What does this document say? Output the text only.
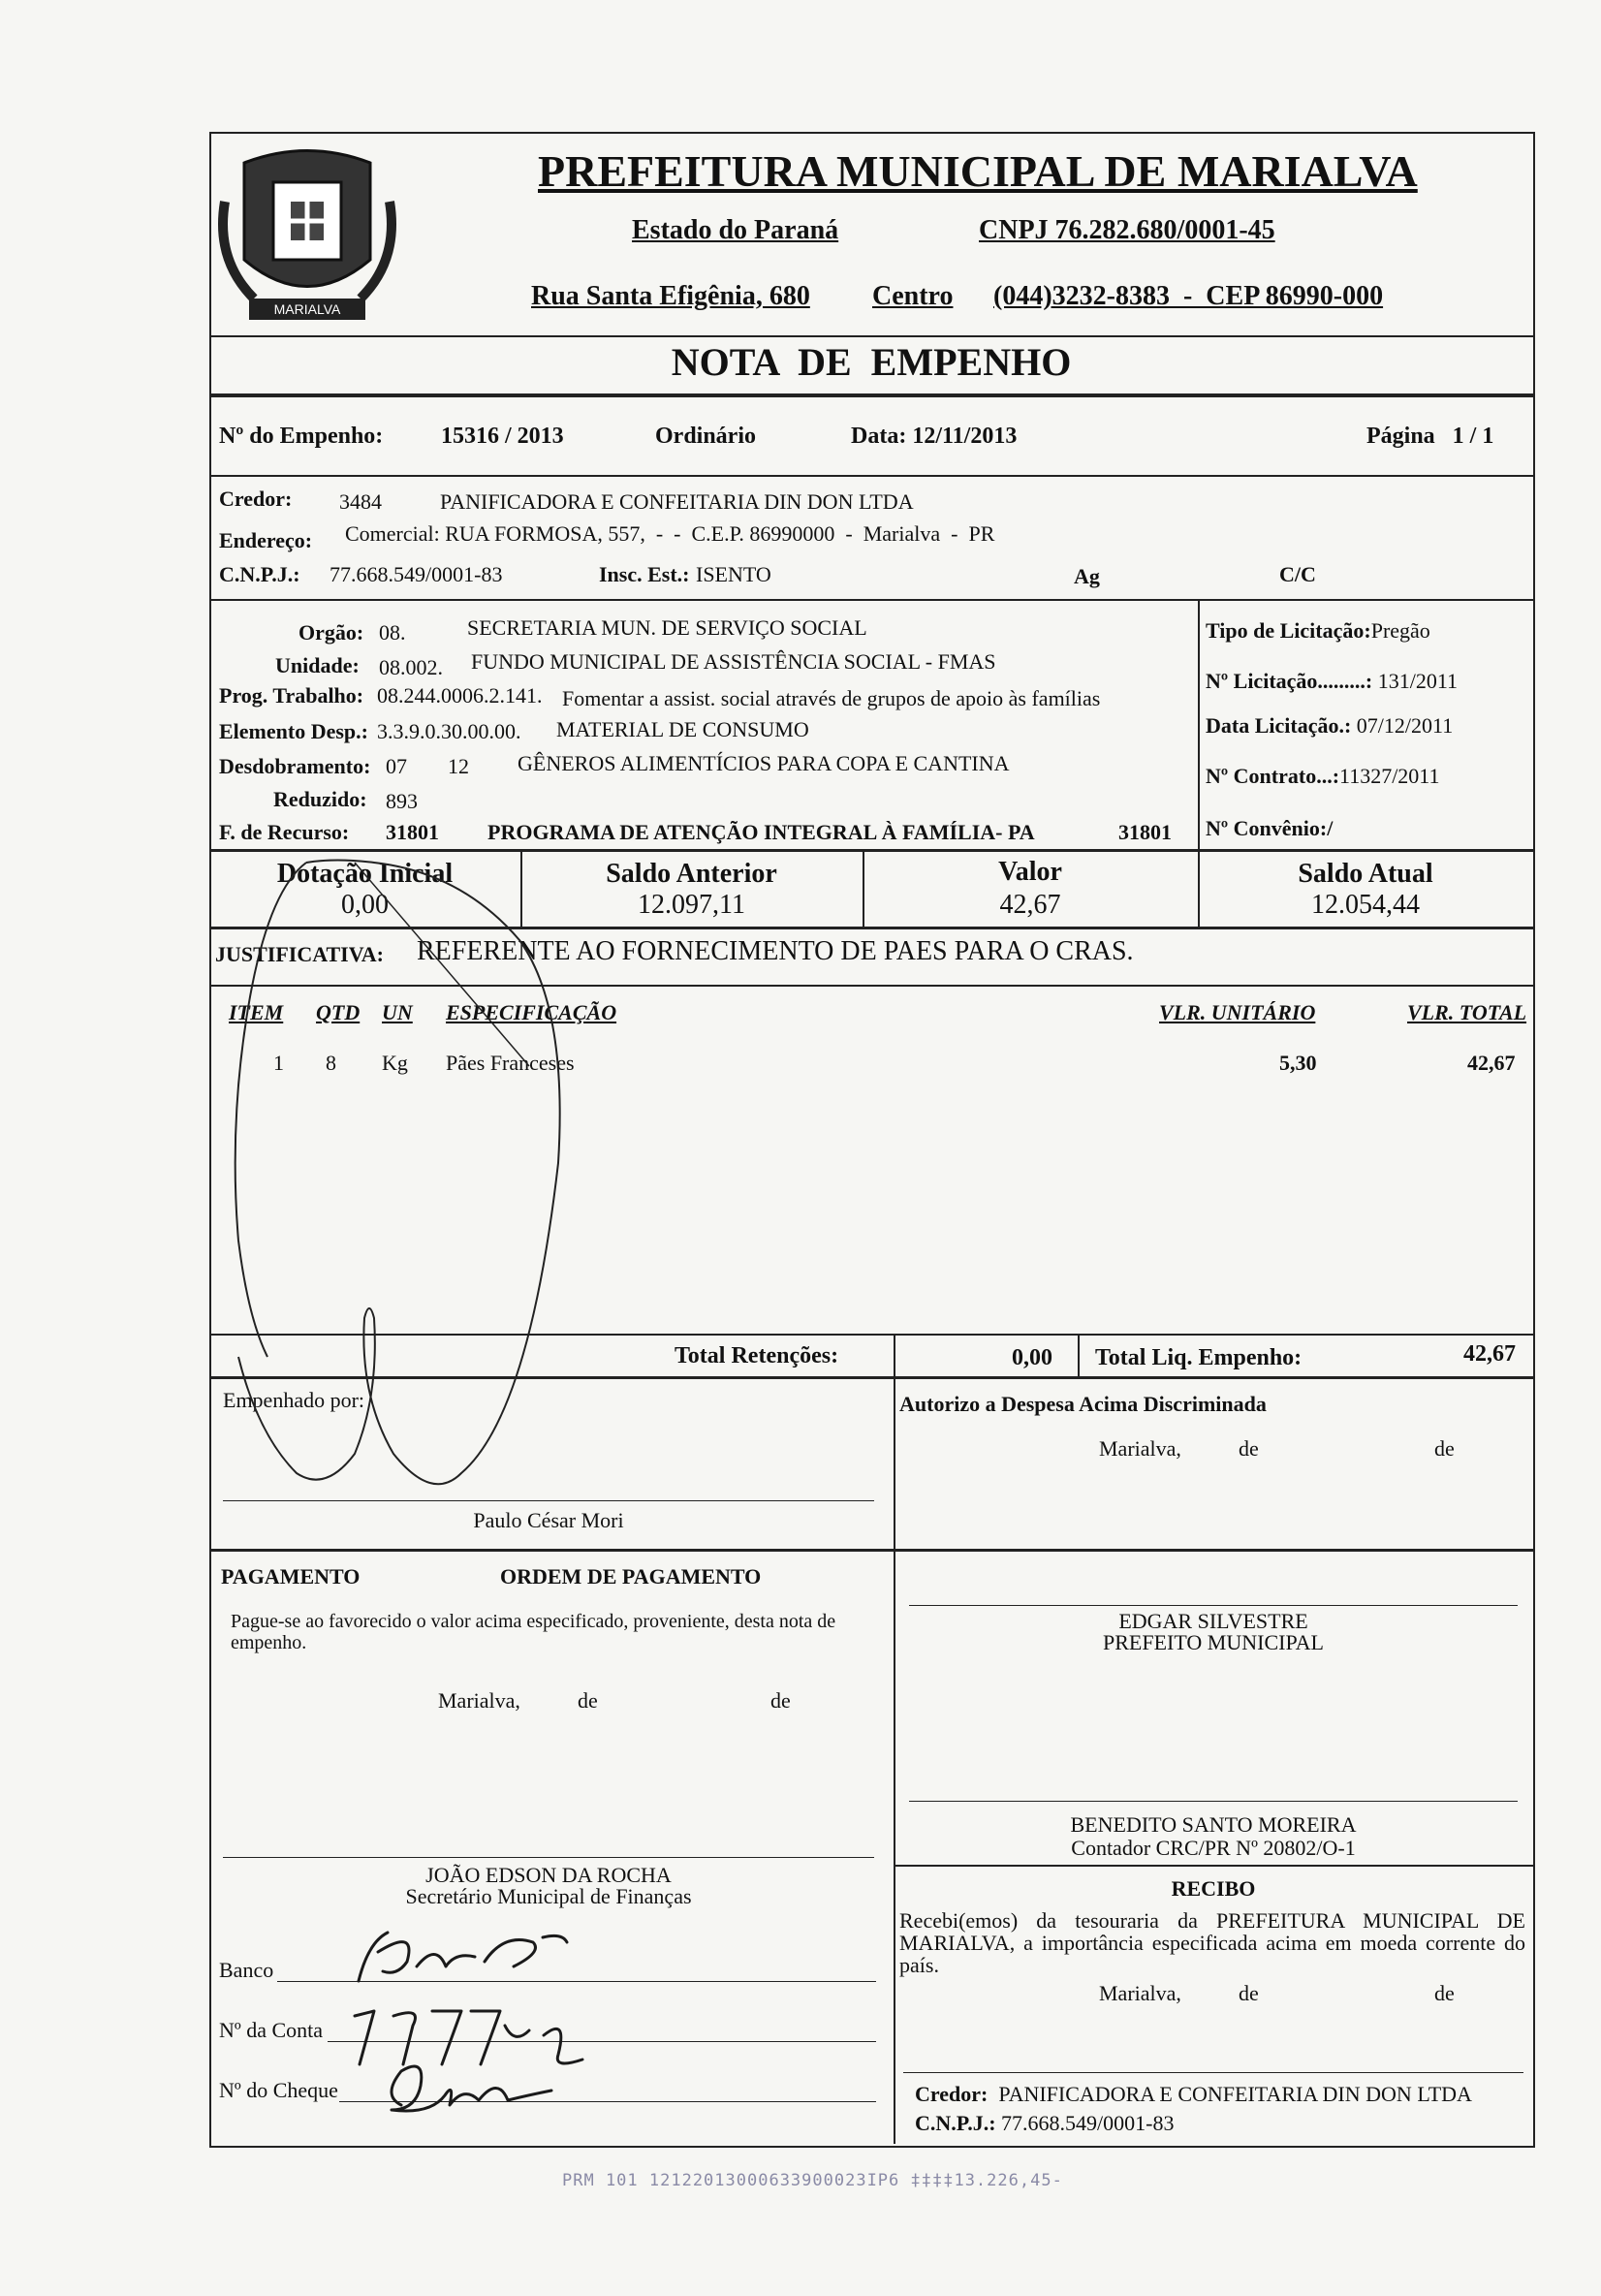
MARIALVA
PREFEITURA MUNICIPAL DE MARIALVA
Estado do Paraná	CNPJ 76.282.680/0001-45
Rua Santa Efigênia, 680 Centro (044)3232-8383  -  CEP 86990-000
NOTA  DE  EMPENHO
Nº do Empenho: 15316 / 2013	Ordinário	Data: 12/11/2013	Página   1 / 1
Credor: 3484	PANIFICADORA E CONFEITARIA DIN DON LTDA
Endereço: Comercial: RUA FORMOSA, 557,  -  -  C.E.P. 86990000  -  Marialva  -  PR
C.N.P.J.: 77.668.549/0001-83	Insc. Est.: ISENTO	Ag	C/C
Orgão: 08.	SECRETARIA MUN. DE SERVIÇO SOCIAL
Unidade: 08.002. FUNDO MUNICIPAL DE ASSISTÊNCIA SOCIAL - FMAS
Prog. Trabalho: 08.244.0006.2.141. Fomentar a assist. social através de grupos de apoio às famílias
Elemento Desp.: 3.3.9.0.30.00.00. MATERIAL DE CONSUMO
Desdobramento: 07 12 GÊNEROS ALIMENTÍCIOS PARA COPA E CANTINA
Reduzido: 893
F. de Recurso: 31801 PROGRAMA DE ATENÇÃO INTEGRAL À FAMÍLIA- PA	31801
Tipo de Licitação:Pregão
Nº Licitação.........: 131/2011
Data Licitação.: 07/12/2011
Nº Contrato...:11327/2011
Nº Convênio:/
Dotação Inicial
0,00
Saldo Anterior
12.097,11
Valor
42,67
Saldo Atual
12.054,44
JUSTIFICATIVA: REFERENTE AO FORNECIMENTO DE PAES PARA O CRAS.
ITEM QTD UN ESPECIFICAÇÃO	VLR. UNITÁRIO	VLR. TOTAL
1 8 Kg Pães Franceses	5,30	42,67
Total Retenções:	0,00 Total Liq. Empenho:	42,67
Empenhado por:
Paulo César Mori
Autorizo a Despesa Acima Discriminada
Marialva,	de	de
PAGAMENTO	ORDEM DE PAGAMENTO
Pague-se ao favorecido o valor acima especificado, proveniente, desta nota de empenho.
Marialva,	de	de
EDGAR SILVESTRE
PREFEITO MUNICIPAL
BENEDITO SANTO MOREIRA
Contador CRC/PR Nº 20802/O-1
JOÃO EDSON DA ROCHA
Secretário Municipal de Finanças
Banco
Nº da Conta
Nº do Cheque
RECIBO
Recebi(emos) da tesouraria da PREFEITURA MUNICIPAL DE MARIALVA, a importância especificada acima em moeda corrente do país.
Marialva,	de	de
Credor: PANIFICADORA E CONFEITARIA DIN DON LTDA
C.N.P.J.: 77.668.549/0001-83
PRM 101 12122013000633900023IP6 ‡‡‡‡13.226,45-
